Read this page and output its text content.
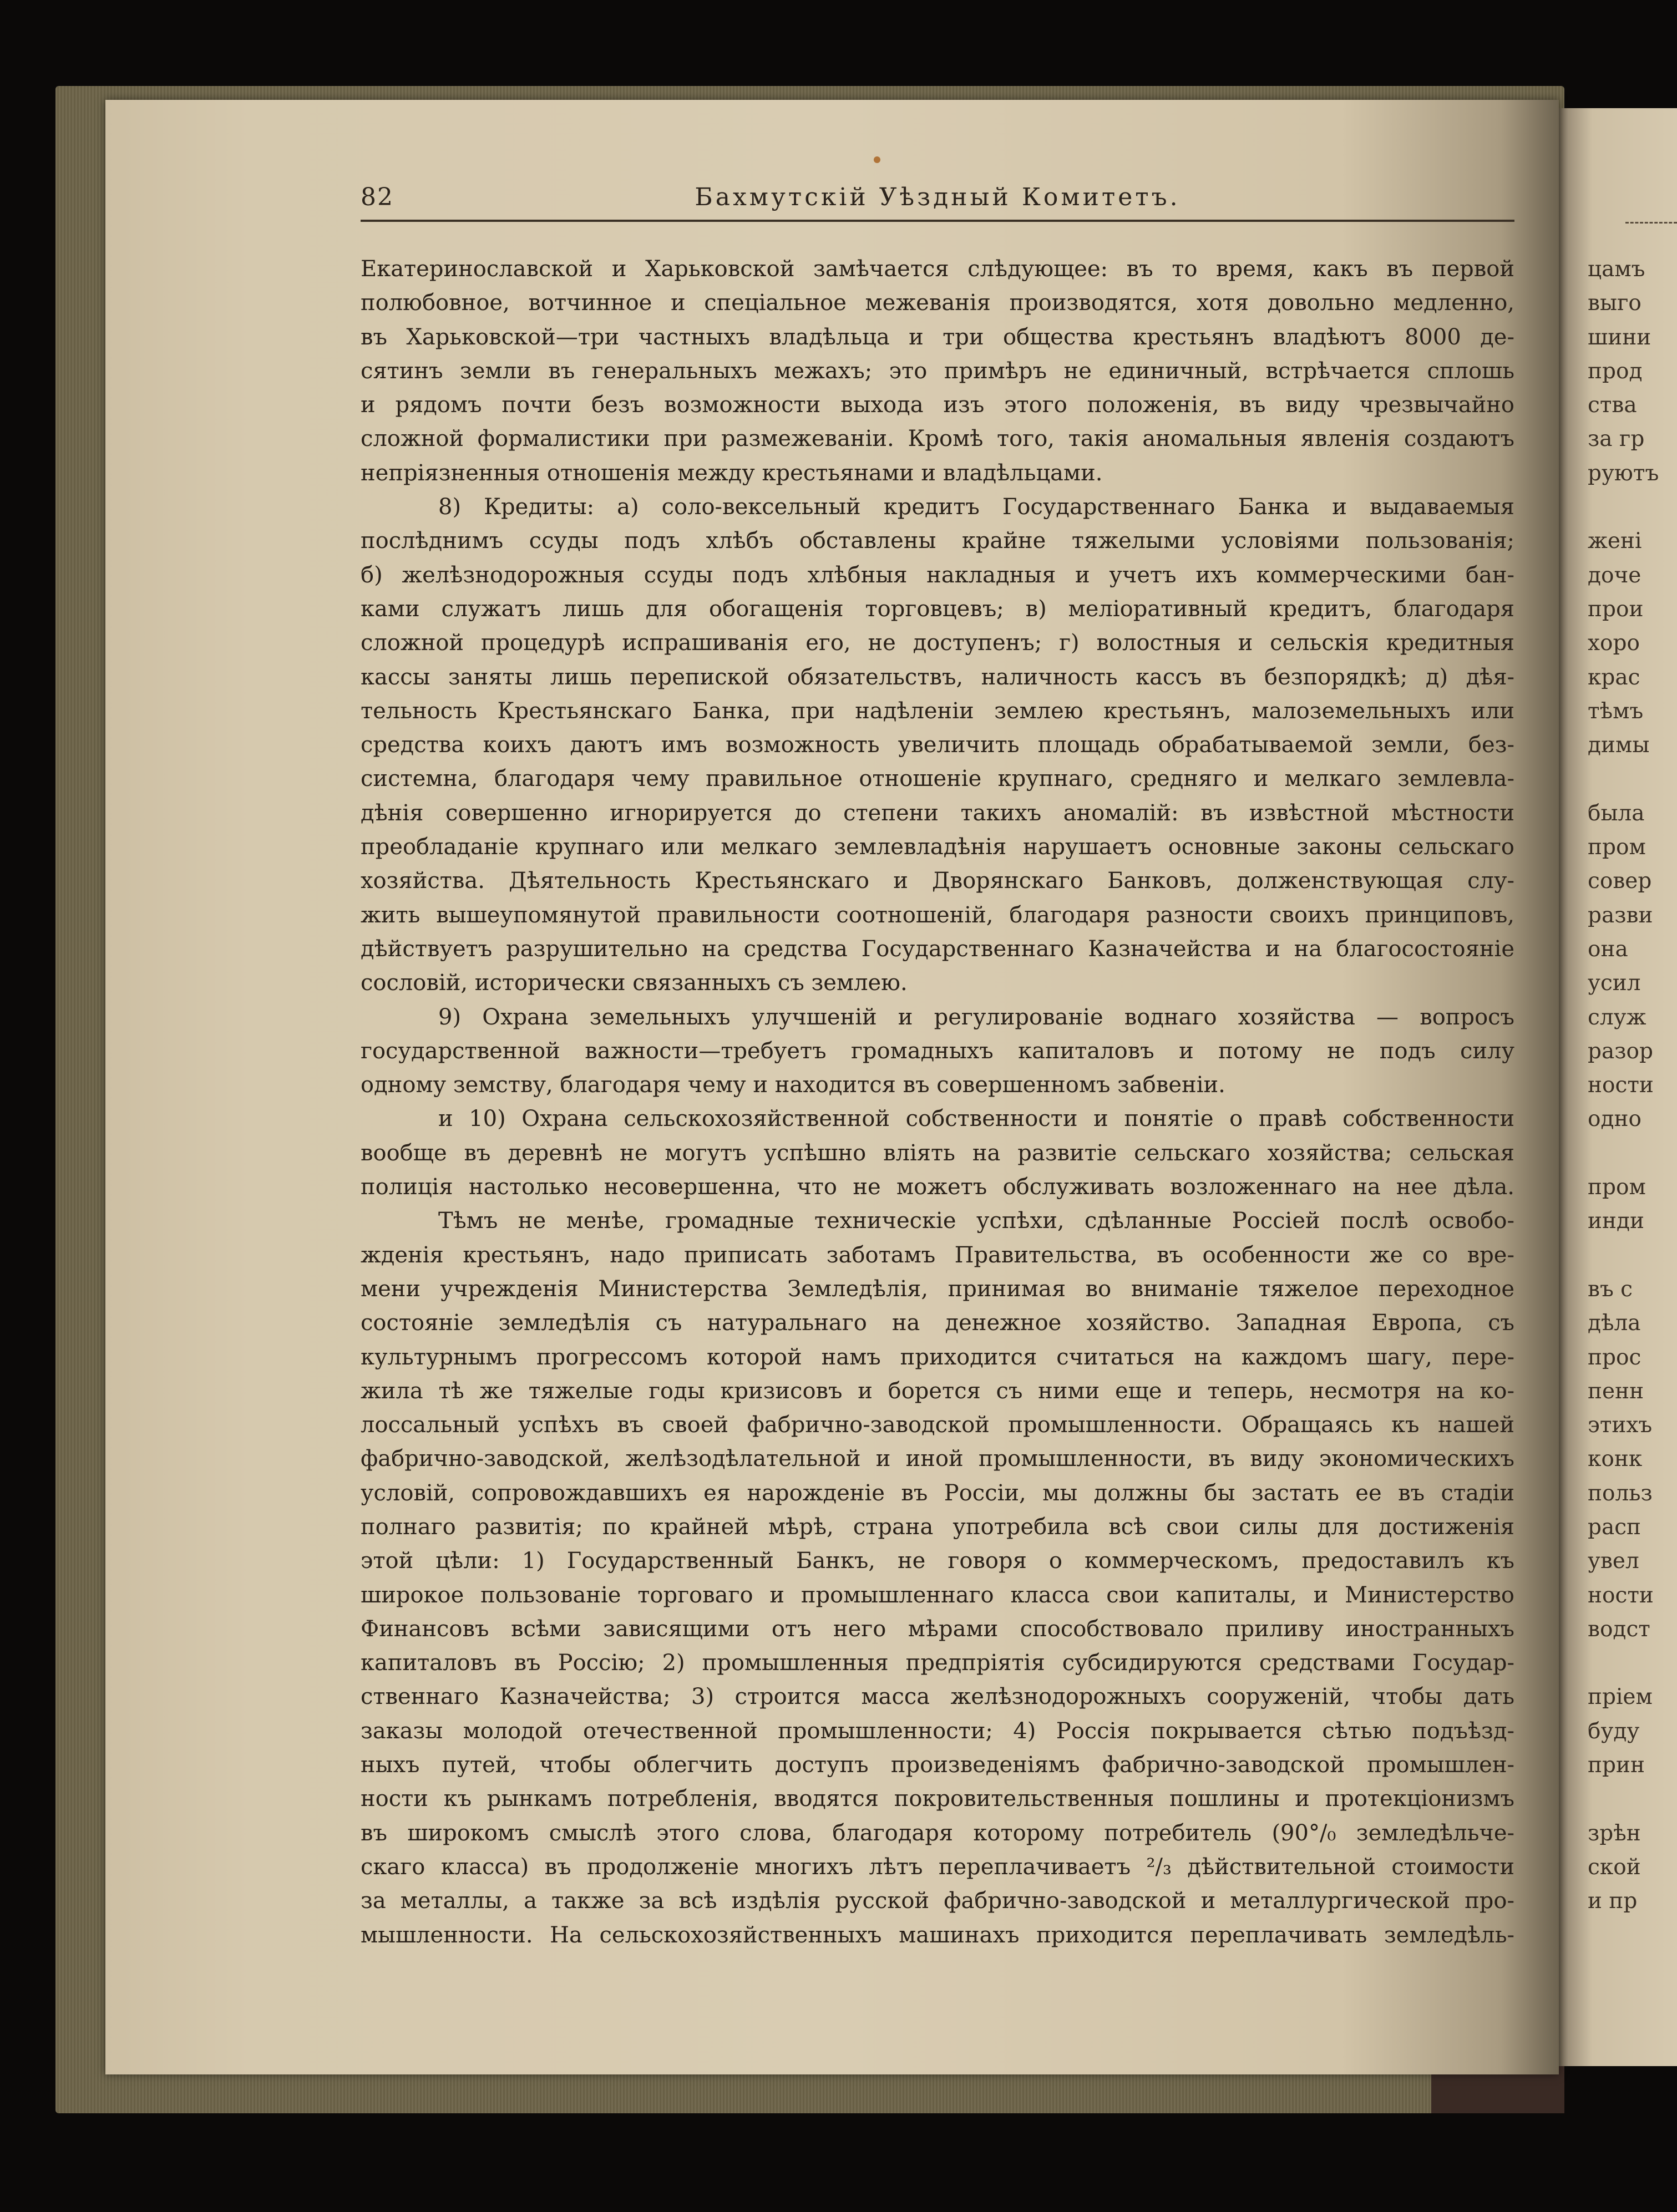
цамъ
выго
шини
прод
ства
за гр
руютъ
жені
доче
прои
хоро
крас
тѣмъ
димы
была
пром
совер
разви
она
усил
служ
разор
ности
одно
пром
инди
въ с
дѣла
прос
пенн
этихъ
конк
польз
расп
увел
ности
водст
пріем
буду
прин
зрѣн
ской
и пр
82	Бахмутскій Уѣздный Комитетъ.
Екатеринославской и Харьковской замѣчается слѣдующее: въ то время, какъ въ первой
полюбовное, вотчинное и спеціальное межеванія производятся, хотя довольно медленно,
въ Харьковской—три частныхъ владѣльца и три общества крестьянъ владѣютъ 8000 де-
сятинъ земли въ генеральныхъ межахъ; это примѣръ не единичный, встрѣчается сплошь
и рядомъ почти безъ возможности выхода изъ этого положенія, въ виду чрезвычайно
сложной формалистики при размежеваніи. Кромѣ того, такія аномальныя явленія создаютъ
непріязненныя отношенія между крестьянами и владѣльцами.
8) Кредиты: а) соло-вексельный кредитъ Государственнаго Банка и выдаваемыя
послѣднимъ ссуды подъ хлѣбъ обставлены крайне тяжелыми условіями пользованія;
б) желѣзнодорожныя ссуды подъ хлѣбныя накладныя и учетъ ихъ коммерческими бан-
ками служатъ лишь для обогащенія торговцевъ; в) меліоративный кредитъ, благодаря
сложной процедурѣ испрашиванія его, не доступенъ; г) волостныя и сельскія кредитныя
кассы заняты лишь перепиской обязательствъ, наличность кассъ въ безпорядкѣ; д) дѣя-
тельность Крестьянскаго Банка, при надѣленіи землею крестьянъ, малоземельныхъ или
средства коихъ даютъ имъ возможность увеличить площадь обрабатываемой земли, без-
системна, благодаря чему правильное отношеніе крупнаго, средняго и мелкаго землевла-
дѣнія совершенно игнорируется до степени такихъ аномалій: въ извѣстной мѣстности
преобладаніе крупнаго или мелкаго землевладѣнія нарушаетъ основные законы сельскаго
хозяйства. Дѣятельность Крестьянскаго и Дворянскаго Банковъ, долженствующая слу-
жить вышеупомянутой правильности соотношеній, благодаря разности своихъ принциповъ,
дѣйствуетъ разрушительно на средства Государственнаго Казначейства и на благосостояніе
сословій, исторически связанныхъ съ землею.
9) Охрана земельныхъ улучшеній и регулированіе воднаго хозяйства — вопросъ
государственной важности—требуетъ громадныхъ капиталовъ и потому не подъ силу
одному земству, благодаря чему и находится въ совершенномъ забвеніи.
и 10) Охрана сельскохозяйственной собственности и понятіе о правѣ собственности
вообще въ деревнѣ не могутъ успѣшно вліять на развитіе сельскаго хозяйства; сельская
полиція настолько несовершенна, что не можетъ обслуживать возложеннаго на нее дѣла.
Тѣмъ не менѣе, громадные техническіе успѣхи, сдѣланные Россіей послѣ освобо-
жденія крестьянъ, надо приписать заботамъ Правительства, въ особенности же со вре-
мени учрежденія Министерства Земледѣлія, принимая во вниманіе тяжелое переходное
состояніе земледѣлія съ натуральнаго на денежное хозяйство. Западная Европа, съ
культурнымъ прогрессомъ которой намъ приходится считаться на каждомъ шагу, пере-
жила тѣ же тяжелые годы кризисовъ и борется съ ними еще и теперь, несмотря на ко-
лоссальный успѣхъ въ своей фабрично-заводской промышленности. Обращаясь къ нашей
фабрично-заводской, желѣзодѣлательной и иной промышленности, въ виду экономическихъ
условій, сопровождавшихъ ея нарожденіе въ Россіи, мы должны бы застать ее въ стадіи
полнаго развитія; по крайней мѣрѣ, страна употребила всѣ свои силы для достиженія
этой цѣли: 1) Государственный Банкъ, не говоря о коммерческомъ, предоставилъ къ
широкое пользованіе торговаго и промышленнаго класса свои капиталы, и Министерство
Финансовъ всѣми зависящими отъ него мѣрами способствовало приливу иностранныхъ
капиталовъ въ Россію; 2) промышленныя предпріятія субсидируются средствами Государ-
ственнаго Казначейства; 3) строится масса желѣзнодорожныхъ сооруженій, чтобы дать
заказы молодой отечественной промышленности; 4) Россія покрывается сѣтью подъѣзд-
ныхъ путей, чтобы облегчить доступъ произведеніямъ фабрично-заводской промышлен-
ности къ рынкамъ потребленія, вводятся покровительственныя пошлины и протекціонизмъ
въ широкомъ смыслѣ этого слова, благодаря которому потребитель (90°/₀ земледѣльче-
скаго класса) въ продолженіе многихъ лѣтъ переплачиваетъ ²/₃ дѣйствительной стоимости
за металлы, а также за всѣ издѣлія русской фабрично-заводской и металлургической про-
мышленности. На сельскохозяйственныхъ машинахъ приходится переплачивать земледѣль-
